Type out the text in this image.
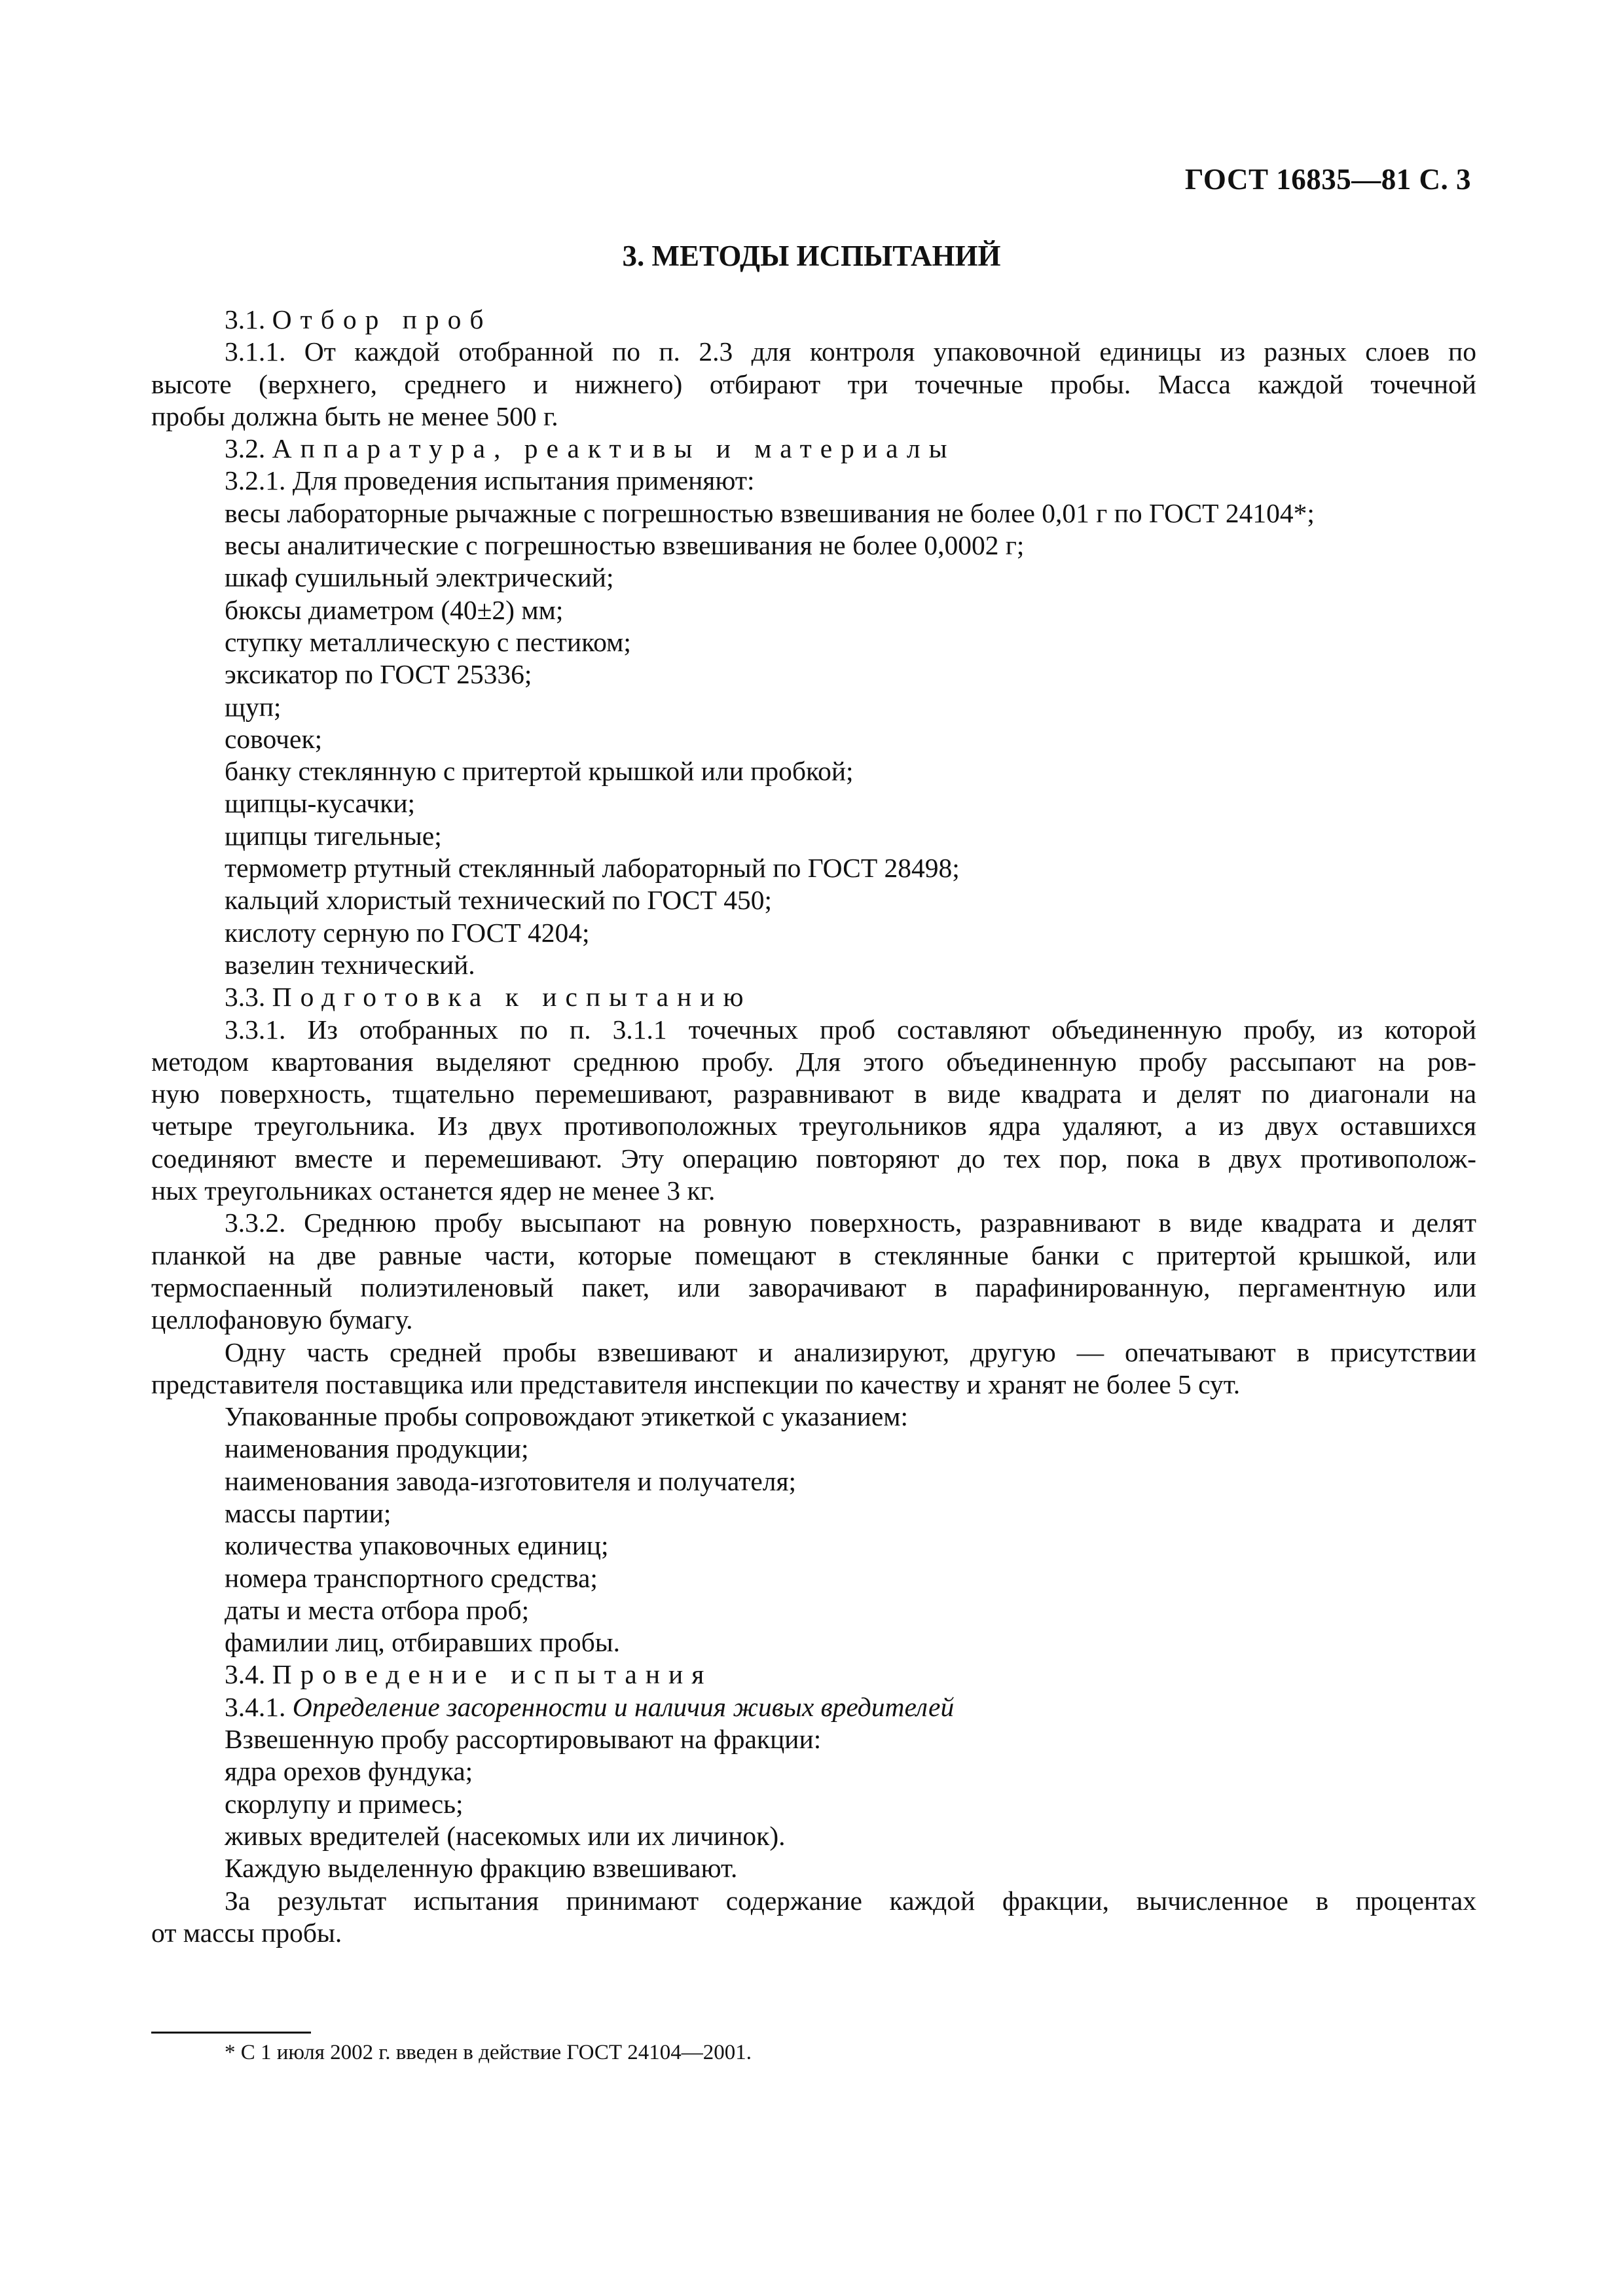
ГОСТ 16835—81 С. 3
3. МЕТОДЫ ИСПЫТАНИЙ
3.1. Отбор проб
3.1.1. От каждой отобранной по п. 2.3 для контроля упаковочной единицы из разных слоев по
высоте (верхнего, среднего и нижнего) отбирают три точечные пробы. Масса каждой точечной
пробы должна быть не менее 500 г.
3.2. Аппаратура, реактивы и материалы
3.2.1. Для проведения испытания применяют:
весы лабораторные рычажные с погрешностью взвешивания не более 0,01 г по ГОСТ 24104*;
весы аналитические с погрешностью взвешивания не более 0,0002 г;
шкаф сушильный электрический;
бюксы диаметром (40±2) мм;
ступку металлическую с пестиком;
эксикатор по ГОСТ 25336;
щуп;
совочек;
банку стеклянную с притертой крышкой или пробкой;
щипцы-кусачки;
щипцы тигельные;
термометр ртутный стеклянный лабораторный по ГОСТ 28498;
кальций хлористый технический по ГОСТ 450;
кислоту серную по ГОСТ 4204;
вазелин технический.
3.3. Подготовка к испытанию
3.3.1. Из отобранных по п. 3.1.1 точечных проб составляют объединенную пробу, из которой
методом квартования выделяют среднюю пробу. Для этого объединенную пробу рассыпают на ров-
ную поверхность, тщательно перемешивают, разравнивают в виде квадрата и делят по диагонали на
четыре треугольника. Из двух противоположных треугольников ядра удаляют, а из двух оставшихся
соединяют вместе и перемешивают. Эту операцию повторяют до тех пор, пока в двух противополож-
ных треугольниках останется ядер не менее 3 кг.
3.3.2. Среднюю пробу высыпают на ровную поверхность, разравнивают в виде квадрата и делят
планкой на две равные части, которые помещают в стеклянные банки с притертой крышкой, или
термоспаенный полиэтиленовый пакет, или заворачивают в парафинированную, пергаментную или
целлофановую бумагу.
Одну часть средней пробы взвешивают и анализируют, другую — опечатывают в присутствии
представителя поставщика или представителя инспекции по качеству и хранят не более 5 сут.
Упакованные пробы сопровождают этикеткой с указанием:
наименования продукции;
наименования завода-изготовителя и получателя;
массы партии;
количества упаковочных единиц;
номера транспортного средства;
даты и места отбора проб;
фамилии лиц, отбиравших пробы.
3.4. Проведение испытания
3.4.1. Определение засоренности и наличия живых вредителей
Взвешенную пробу рассортировывают на фракции:
ядра орехов фундука;
скорлупу и примесь;
живых вредителей (насекомых или их личинок).
Каждую выделенную фракцию взвешивают.
За результат испытания принимают содержание каждой фракции, вычисленное в процентах
от массы пробы.
* С 1 июля 2002 г. введен в действие ГОСТ 24104—2001.
